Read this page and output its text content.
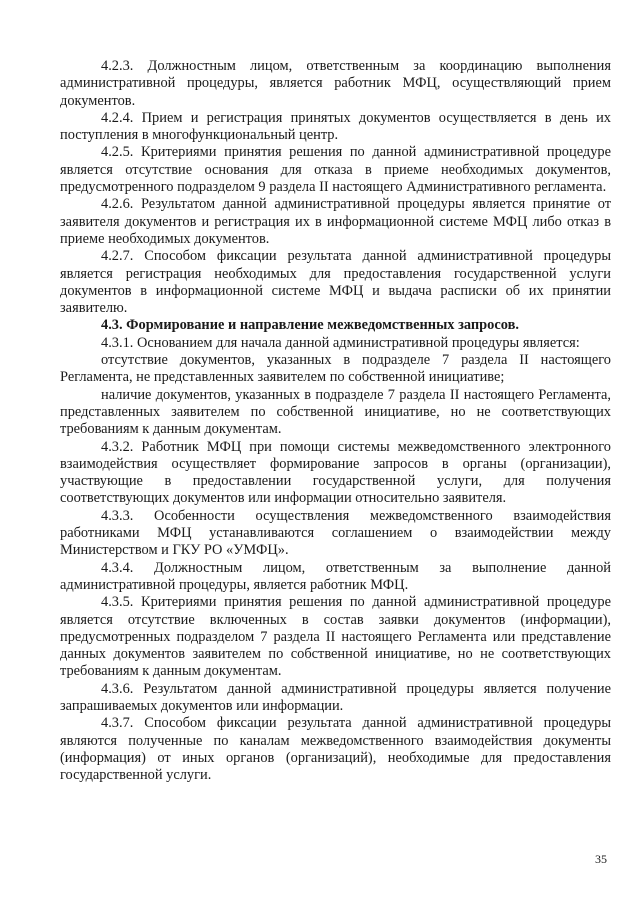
4.2.3. Должностным лицом, ответственным за координацию выполнения административной процедуры, является работник МФЦ, осуществляющий прием документов.

4.2.4. Прием и регистрация принятых документов осуществляется в день их поступления в многофункциональный центр.

4.2.5. Критериями принятия решения по данной административной процедуре является отсутствие основания для отказа в приеме необходимых документов, предусмотренного подразделом 9 раздела II настоящего Административного регламента.

4.2.6. Результатом данной административной процедуры является принятие от заявителя документов и регистрация их в информационной системе МФЦ либо отказ в приеме необходимых документов.

4.2.7. Способом фиксации результата данной административной процедуры является регистрация необходимых для предоставления государственной услуги документов в информационной системе МФЦ и выдача расписки об их принятии заявителю.

4.3. Формирование и направление межведомственных запросов.

4.3.1. Основанием для начала данной административной процедуры является:

отсутствие документов, указанных в подразделе 7 раздела II настоящего Регламента, не представленных заявителем по собственной инициативе;

наличие документов, указанных в подразделе 7 раздела II настоящего Регламента, представленных заявителем по собственной инициативе, но не соответствующих требованиям к данным документам.

4.3.2. Работник МФЦ при помощи системы межведомственного электронного взаимодействия осуществляет формирование запросов в органы (организации), участвующие в предоставлении государственной услуги, для получения соответствующих документов или информации относительно заявителя.

4.3.3. Особенности осуществления межведомственного взаимодействия работниками МФЦ устанавливаются соглашением о взаимодействии между Министерством и ГКУ РО «УМФЦ».

4.3.4. Должностным лицом, ответственным за выполнение данной административной процедуры, является работник МФЦ.

4.3.5. Критериями принятия решения по данной административной процедуре является отсутствие включенных в состав заявки документов (информации), предусмотренных подразделом 7 раздела II настоящего Регламента или представление данных документов заявителем по собственной инициативе, но не соответствующих требованиям к данным документам.

4.3.6. Результатом данной административной процедуры является получение запрашиваемых документов или информации.

4.3.7. Способом фиксации результата данной административной процедуры являются полученные по каналам межведомственного взаимодействия документы (информация) от иных органов (организаций), необходимые для предоставления государственной услуги.

35
